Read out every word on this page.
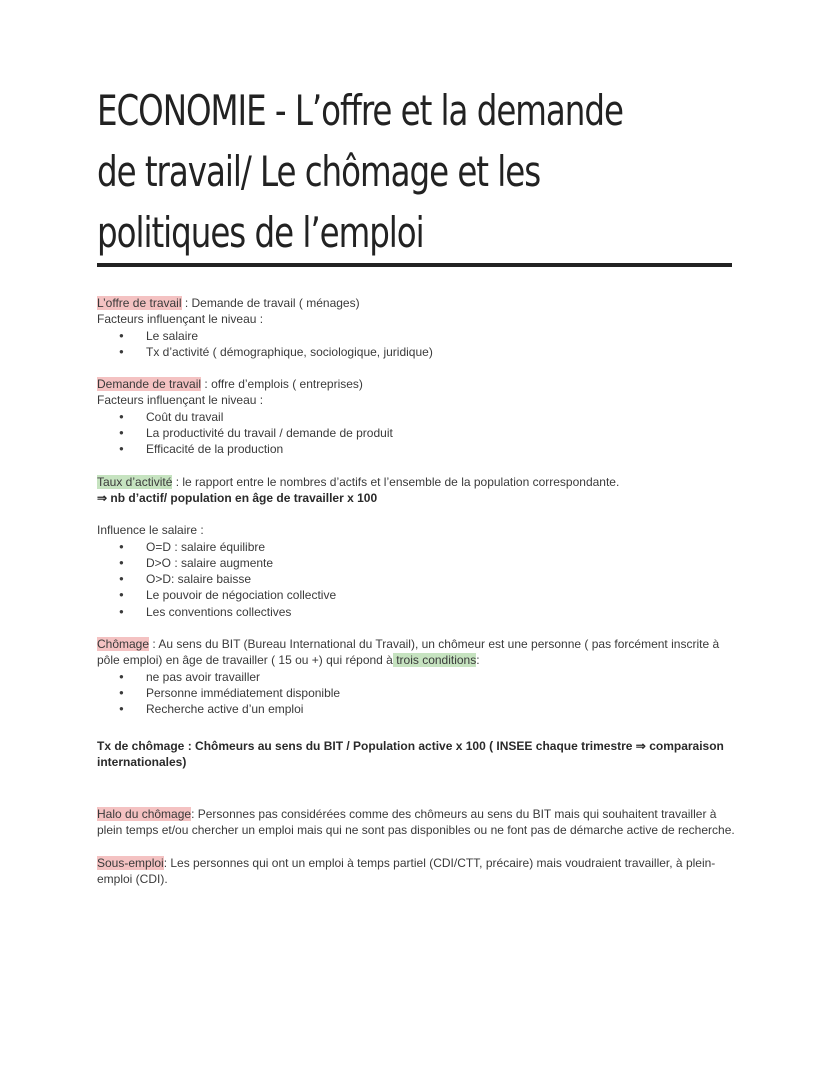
ECONOMIE - L’offre et la demande
de travail/ Le chômage et les
politiques de l’emploi

L’offre de travail : Demande de travail ( ménages)

Facteurs influençant le niveau :

● Le salaire
● Tx d’activité ( démographique, sociologique, juridique)

Demande de travail : offre d’emplois ( entreprises)

Facteurs influençant le niveau :

● Coût du travail
● La productivité du travail / demande de produit
● Efficacité de la production

Taux d’activité : le rapport entre le nombres d’actifs et l’ensemble de la population correspondante.

⇒ nb d’actif/ population en âge de travailler x 100

Influence le salaire :

● O=D : salaire équilibre
● D>O : salaire augmente
● O>D: salaire baisse
● Le pouvoir de négociation collective
● Les conventions collectives

Chômage : Au sens du BIT (Bureau International du Travail), un chômeur est une personne ( pas forcément inscrite à pôle emploi) en âge de travailler ( 15 ou +) qui répond à trois conditions:

● ne pas avoir travailler
● Personne immédiatement disponible
● Recherche active d’un emploi

Tx de chômage : Chômeurs au sens du BIT / Population active x 100 ( INSEE chaque trimestre ⇒ comparaison internationales)

Halo du chômage: Personnes pas considérées comme des chômeurs au sens du BIT mais qui souhaitent travailler à plein temps et/ou chercher un emploi mais qui ne sont pas disponibles ou ne font pas de démarche active de recherche.

Sous-emploi: Les personnes qui ont un emploi à temps partiel (CDI/CTT, précaire) mais voudraient travailler, à plein-emploi (CDI).
